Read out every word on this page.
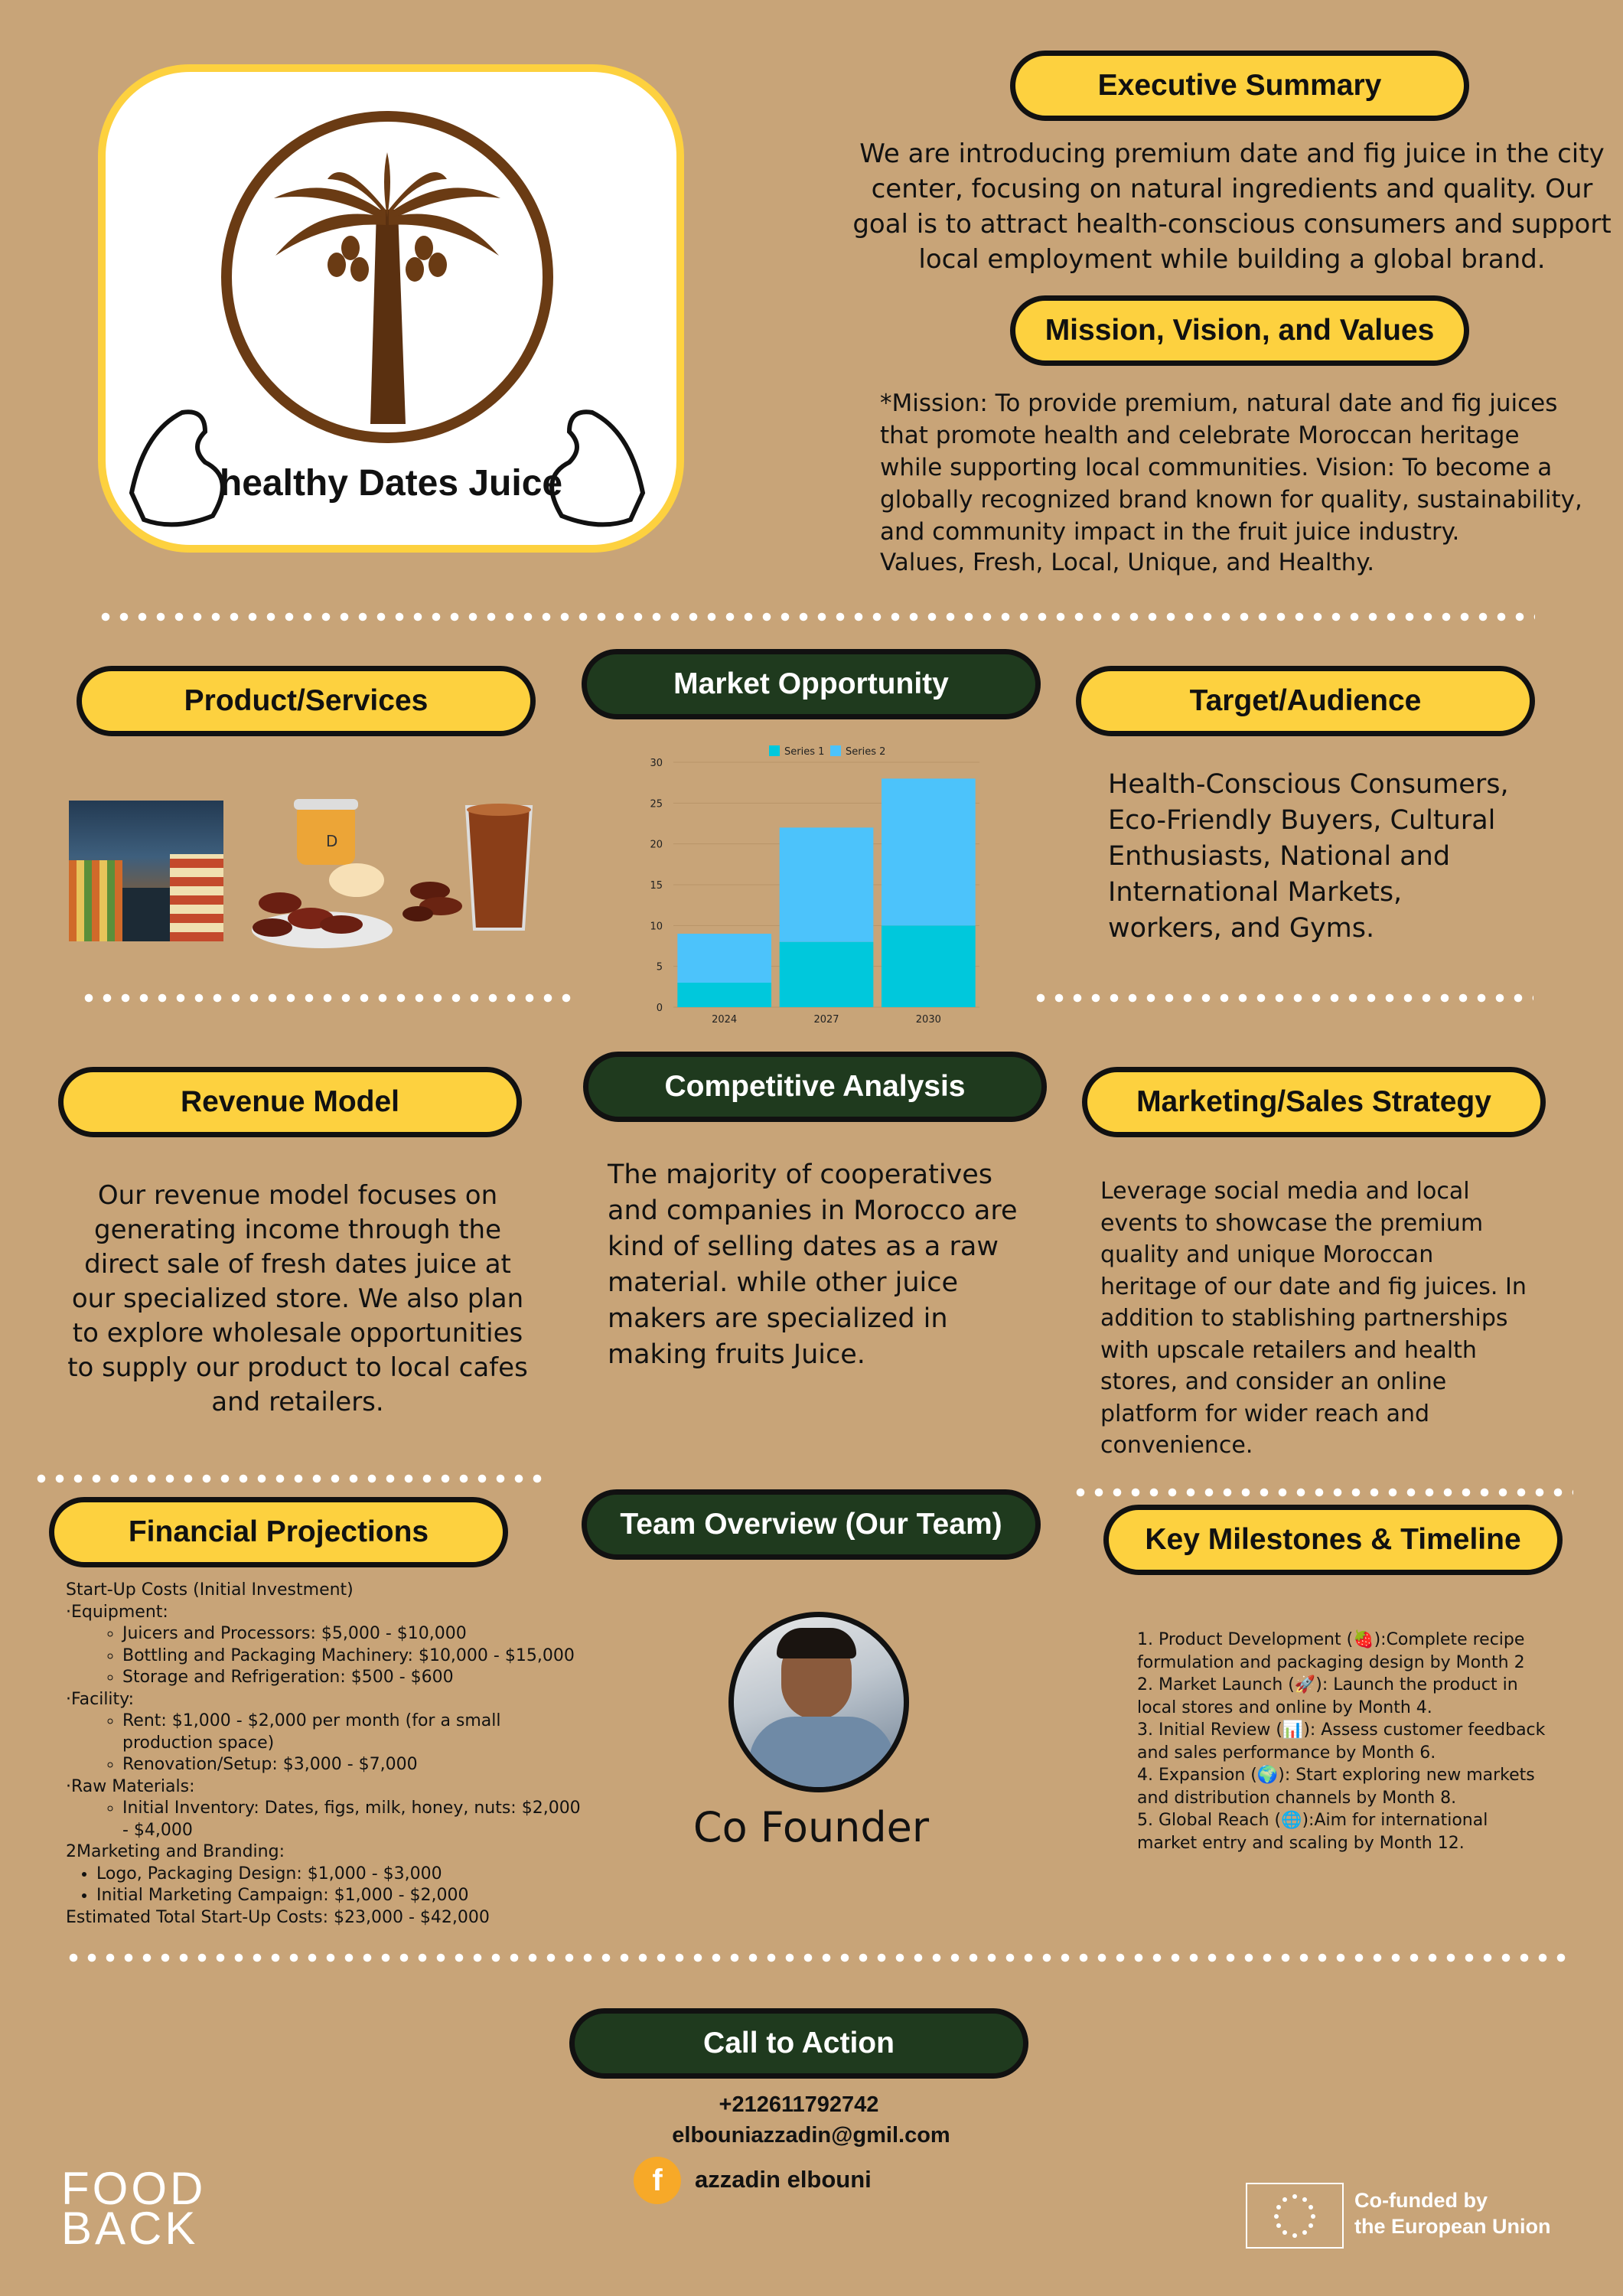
healthy Dates Juice
Executive Summary
We are introducing premium date and fig juice in the city center, focusing on natural ingredients and quality. Our goal is to attract health-conscious consumers and support local employment while building a global brand.
Mission, Vision, and Values
*Mission: To provide premium, natural date and fig juices that promote health and celebrate Moroccan heritage while supporting local communities. Vision: To become a globally recognized brand known for quality, sustainability, and community impact in the fruit juice industry.
Values, Fresh, Local, Unique, and Healthy.
Product/Services
Market Opportunity
Target/Audience
D
0
5
10
15
20
25
30
2024	2027	2030
Series 1 Series 2
Health-Conscious Consumers, Eco-Friendly Buyers, Cultural Enthusiasts, National and International Markets, workers, and Gyms.
Revenue Model	Competitive Analysis	Marketing/Sales Strategy
Our revenue model focuses on generating income through the direct sale of fresh dates juice at our specialized store. We also plan to explore wholesale opportunities to supply our product to local cafes and retailers.
The majority of cooperatives and companies in Morocco are kind of selling dates as a raw material. while other juice makers are specialized in making fruits Juice.
Leverage social media and local events to showcase the premium quality and unique Moroccan heritage of our date and fig juices. In addition to stablishing partnerships with upscale retailers and health stores, and consider an online platform for wider reach and convenience.
Financial Projections	Team Overview (Our Team)	Key Milestones & Timeline
Start-Up Costs (Initial Investment)
·Equipment:
◦ Juicers and Processors: $5,000 - $10,000
◦ Bottling and Packaging Machinery: $10,000 - $15,000
◦ Storage and Refrigeration: $500 - $600
·Facility:
◦ Rent: $1,000 - $2,000 per month (for a small production space)
◦ Renovation/Setup: $3,000 - $7,000
·Raw Materials:
◦ Initial Inventory: Dates, figs, milk, honey, nuts: $2,000 - $4,000
2Marketing and Branding:
• Logo, Packaging Design: $1,000 - $3,000
• Initial Marketing Campaign: $1,000 - $2,000
Estimated Total Start-Up Costs: $23,000 - $42,000
Co Founder
1. Product Development (🍓):Complete recipe formulation and packaging design by Month 2
2. Market Launch (🚀): Launch the product in local stores and online by Month 4.
3. Initial Review (📊): Assess customer feedback and sales performance by Month 6.
4. Expansion (🌍): Start exploring new markets and distribution channels by Month 8.
5. Global Reach (🌐):Aim for international market entry and scaling by Month 12.
Call to Action
+212611792742
elbouniazzadin@gmil.com
f	azzadin elbouni
FOOD
BACK
Co-funded by
the European Union
